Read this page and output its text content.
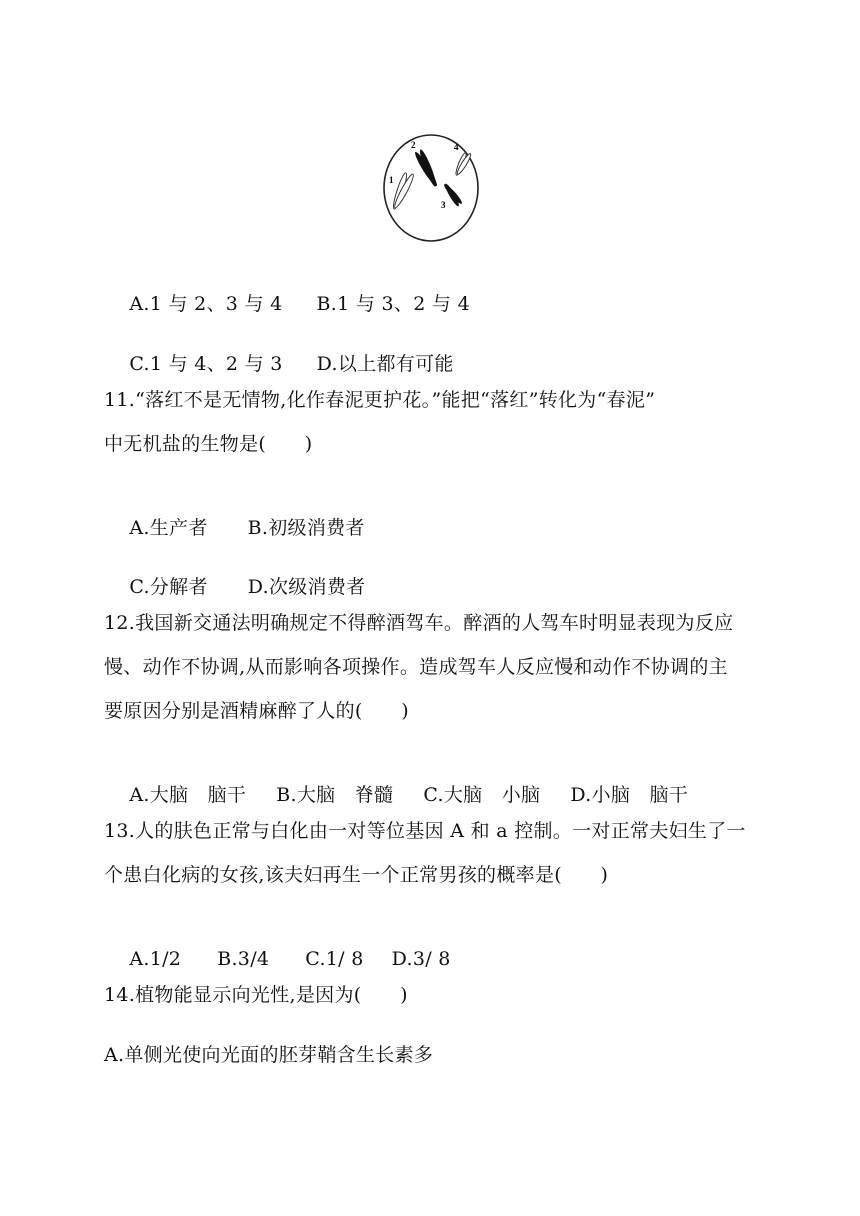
1
2
3
4

A.1 与 2、3 与 4 B.1 与 3、2 与 4

C.1 与 4、2 与 3 D.以上都有可能

11.“落红不是无情物,化作春泥更护花。”能把“落红”转化为“春泥”
中无机盐的生物是(　　)

A.生产者 B.初级消费者

C.分解者 D.次级消费者

12.我国新交通法明确规定不得醉酒驾车。醉酒的人驾车时明显表现为反应
慢、动作不协调,从而影响各项操作。造成驾车人反应慢和动作不协调的主
要原因分别是酒精麻醉了人的(　　)

A.大脑　脑干 B.大脑　脊髓 C.大脑　小脑 D.小脑　脑干

13.人的肤色正常与白化由一对等位基因 A 和 a 控制。一对正常夫妇生了一
个患白化病的女孩,该夫妇再生一个正常男孩的概率是(　　)

A.1/2 B.3/4 C.1/ 8 D.3/ 8

14.植物能显示向光性,是因为(　　)
A.单侧光使向光面的胚芽鞘含生长素多
